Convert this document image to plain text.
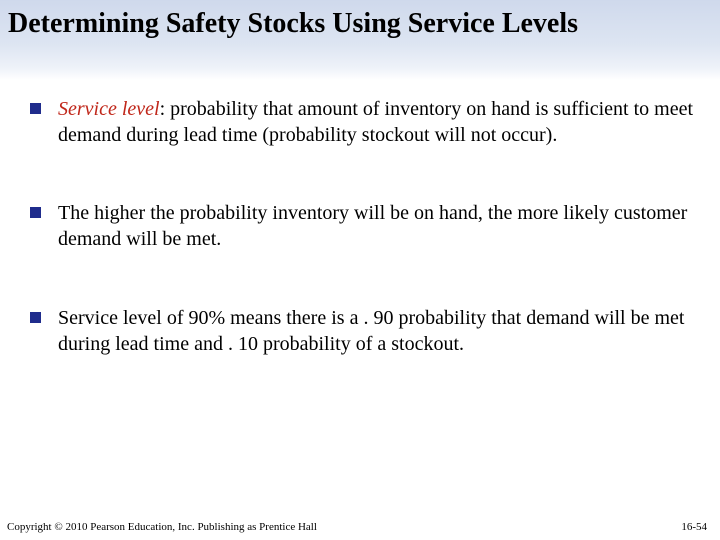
Determining Safety Stocks Using Service Levels
Service level: probability that amount of inventory on hand is sufficient to meet demand during lead time (probability stockout will not occur).
The higher the probability inventory will be on hand, the more likely customer demand will be met.
Service level of 90% means there is a . 90 probability that demand will be met during lead time and . 10 probability of a stockout.
Copyright © 2010 Pearson Education, Inc. Publishing as Prentice Hall	16-54
